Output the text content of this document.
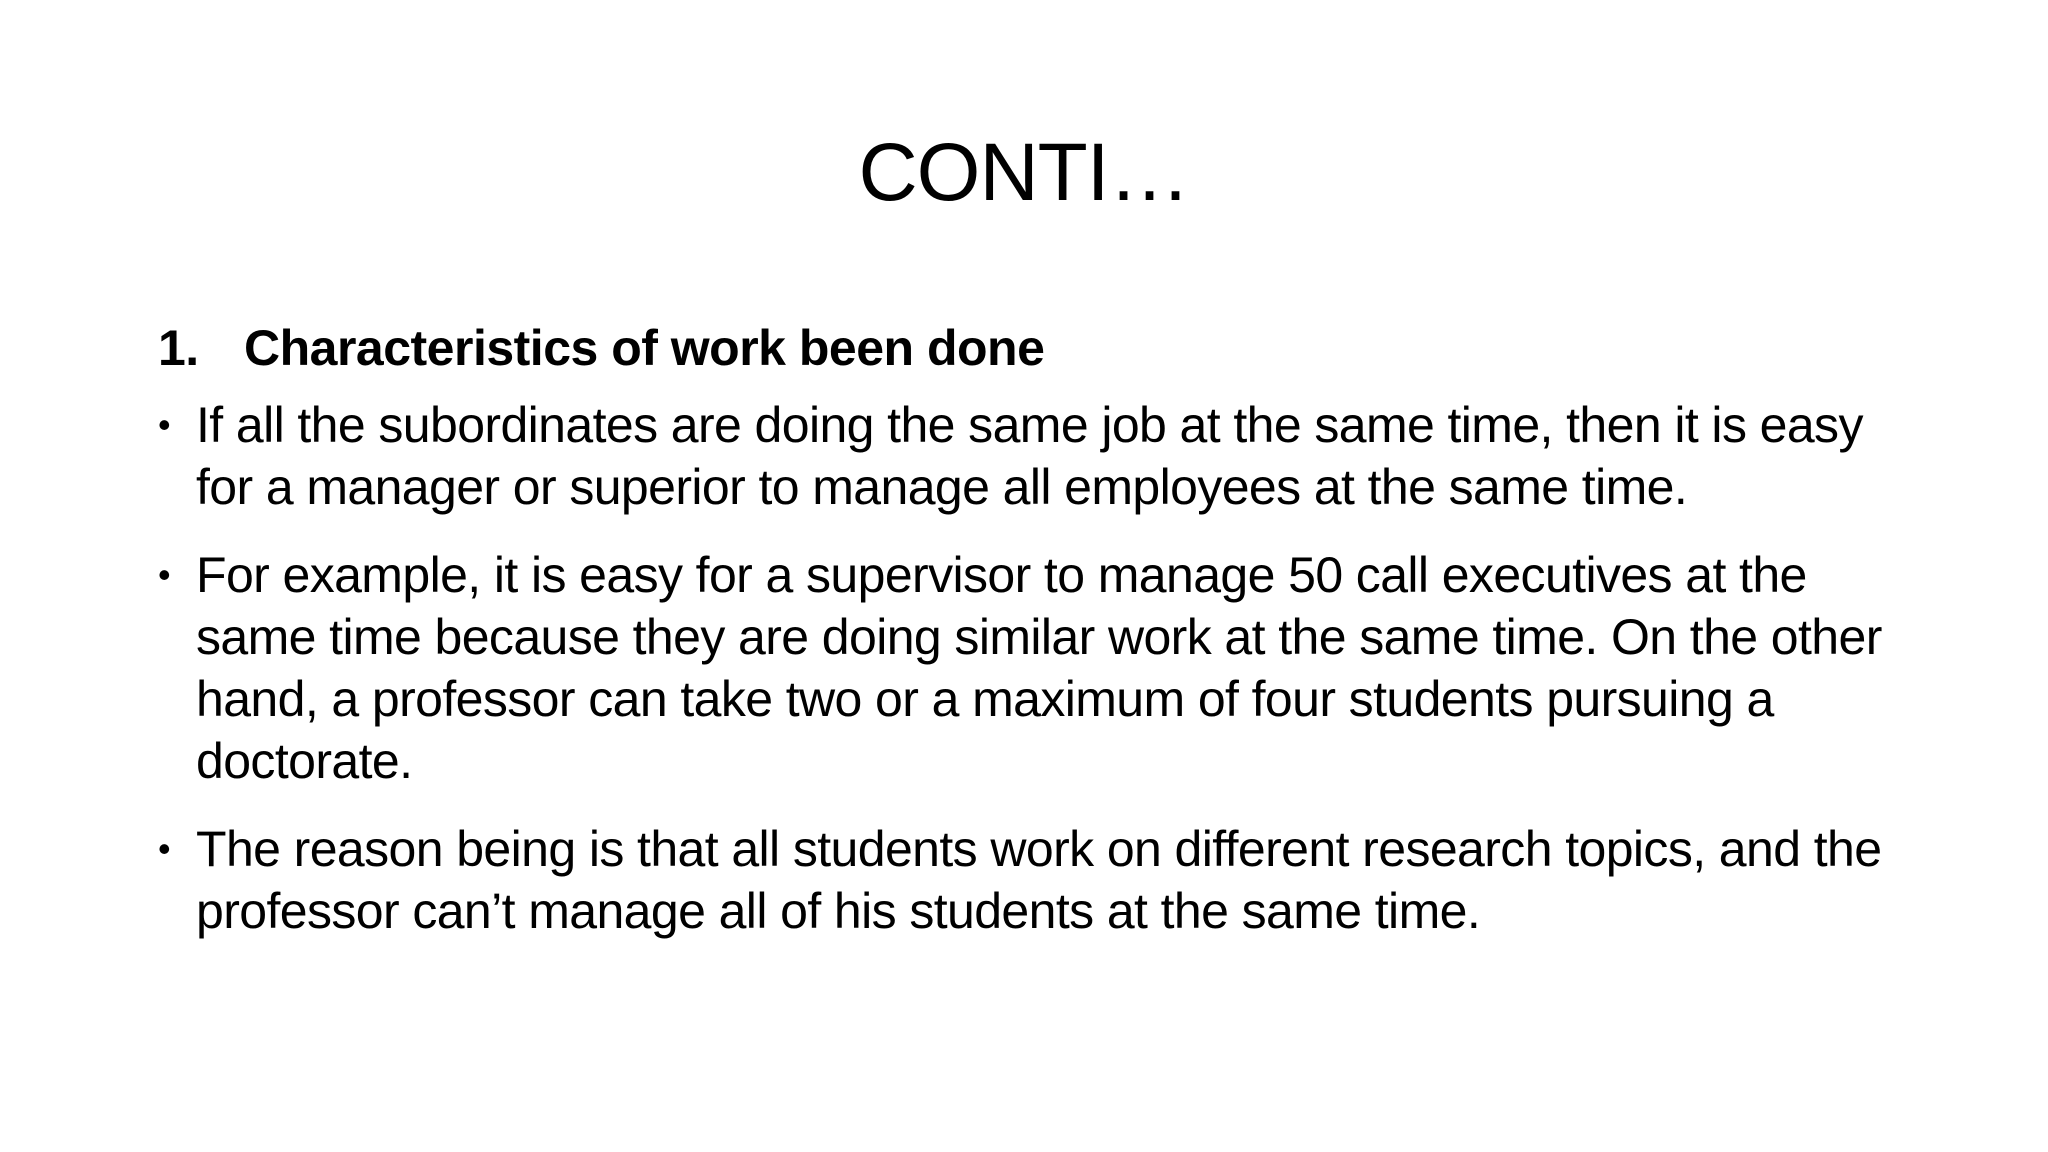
CONTI…
1. Characteristics of work been done
• If all the subordinates are doing the same job at the same time, then it is easy for a manager or superior to manage all employees at the same time.
• For example, it is easy for a supervisor to manage 50 call executives at the same time because they are doing similar work at the same time. On the other hand, a professor can take two or a maximum of four students pursuing a doctorate.
• The reason being is that all students work on different research topics, and the professor can’t manage all of his students at the same time.
